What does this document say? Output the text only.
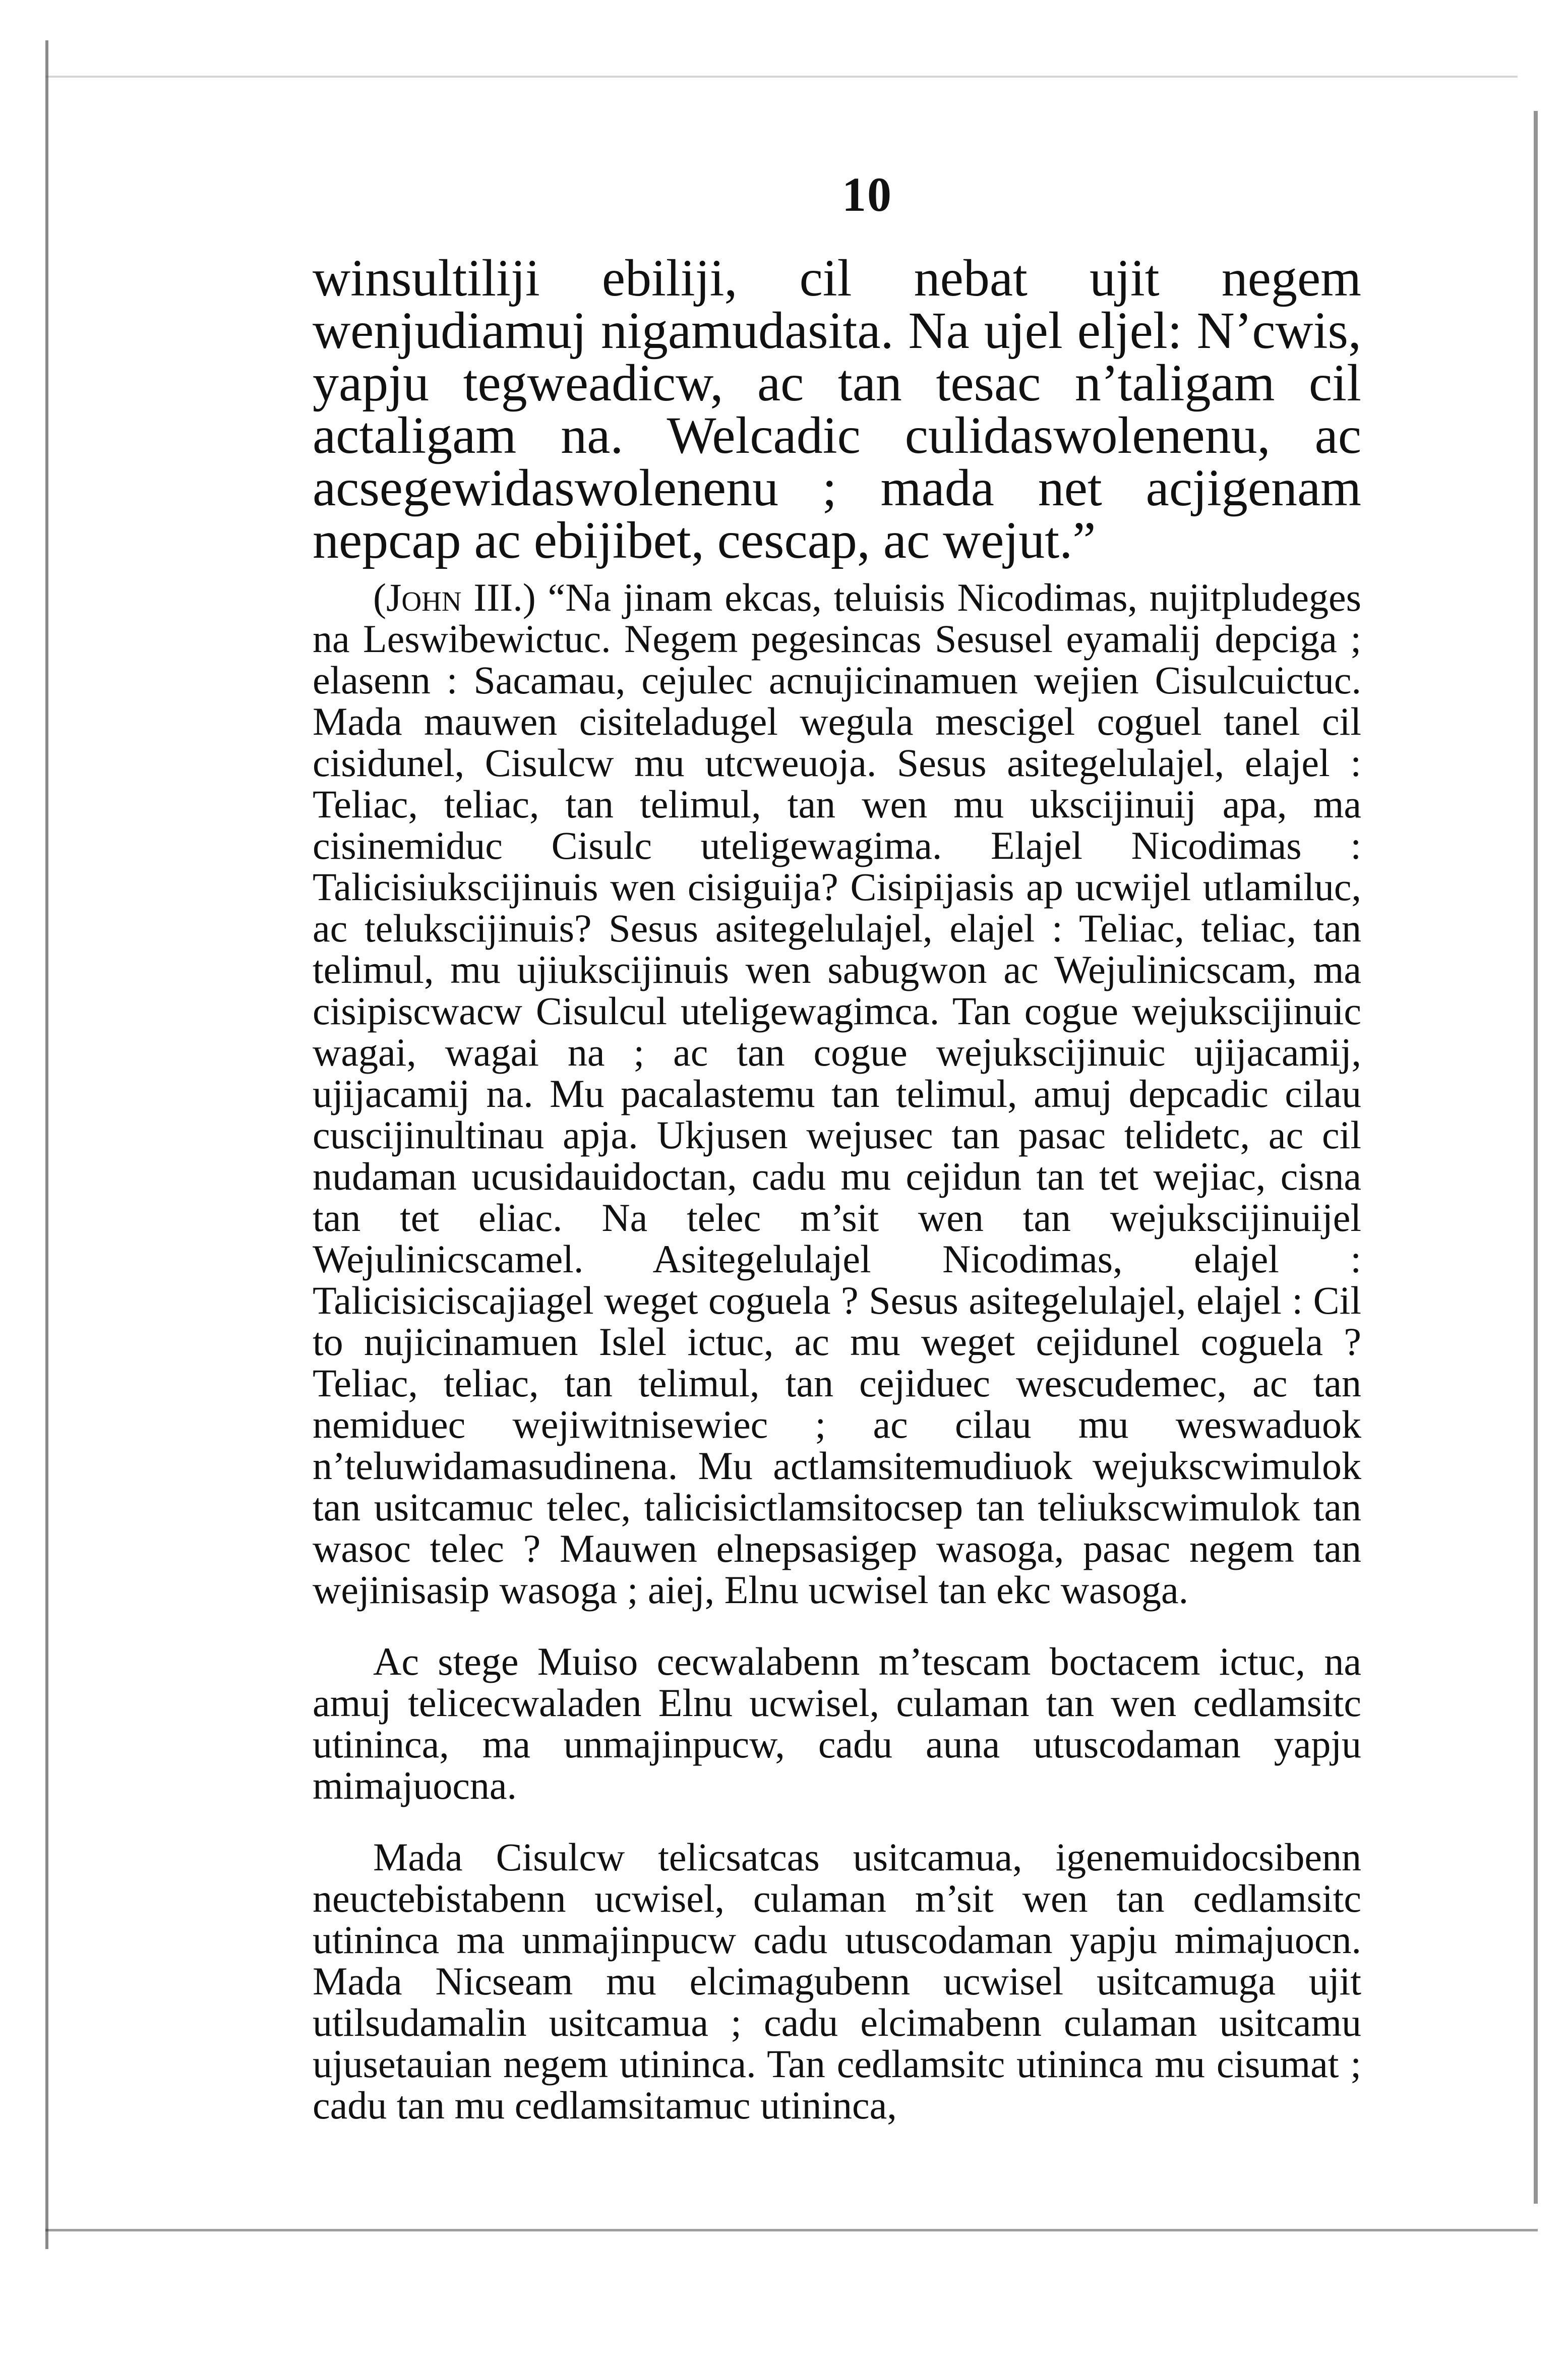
10

winsultiliji ebiliji, cil nebat ujit negem wenjudiamuj nigamudasita. Na ujel eljel: N’cwis, yapju tegweadicw, ac tan tesac n’taligam cil actaligam na. Welcadic culidaswolenenu, ac acsegewidaswolenenu ; mada net acjigenam nepcap ac ebijibet, cescap, ac wejut.”

(John III.) “Na jinam ekcas, teluisis Nicodimas, nujitpludeges na Leswibewictuc. Negem pegesincas Sesusel eyamalij depciga ; elasenn : Sacamau, cejulec acnujicinamuen wejien Cisulcuictuc. Mada mauwen cisiteladugel wegula mescigel coguel tanel cil cisidunel, Cisulcw mu utcweuoja. Sesus asitegelulajel, elajel : Teliac, teliac, tan telimul, tan wen mu ukscijinuij apa, ma cisinemiduc Cisulc uteligewagima. Elajel Nicodimas : Talicisiukscijinuis wen cisiguija? Cisipijasis ap ucwijel utlamiluc, ac telukscijinuis? Sesus asitegelulajel, elajel : Teliac, teliac, tan telimul, mu ujiukscijinuis wen sabugwon ac Wejulinicscam, ma cisipiscwacw Cisulcul uteligewagimca. Tan cogue wejukscijinuic wagai, wagai na ; ac tan cogue wejukscijinuic ujijacamij, ujijacamij na. Mu pacalastemu tan telimul, amuj depcadic cilau cuscijinultinau apja. Ukjusen wejusec tan pasac telidetc, ac cil nudaman ucusidauidoctan, cadu mu cejidun tan tet wejiac, cisna tan tet eliac. Na telec m’sit wen tan wejukscijinuijel Wejulinicscamel. Asitegelulajel Nicodimas, elajel : Talicisiciscajiagel weget coguela ? Sesus asitegelulajel, elajel : Cil to nujicinamuen Islel ictuc, ac mu weget cejidunel coguela ? Teliac, teliac, tan telimul, tan cejiduec wescudemec, ac tan nemiduec wejiwitnisewiec ; ac cilau mu weswaduok n’teluwidamasudinena. Mu actlamsitemudiuok wejukscwimulok tan usitcamuc telec, talicisictlamsitocsep tan teliukscwimulok tan wasoc telec ? Mauwen elnepsasigep wasoga, pasac negem tan wejinisasip wasoga ; aiej, Elnu ucwisel tan ekc wasoga.

Ac stege Muiso cecwalabenn m’tescam boctacem ictuc, na amuj telicecwaladen Elnu ucwisel, culaman tan wen cedlamsitc utininca, ma unmajinpucw, cadu auna utuscodaman yapju mimajuocna.

Mada Cisulcw telicsatcas usitcamua, igenemuidocsibenn neuctebistabenn ucwisel, culaman m’sit wen tan cedlamsitc utininca ma unmajinpucw cadu utuscodaman yapju mimajuocn. Mada Nicseam mu elcimagubenn ucwisel usitcamuga ujit utilsudamalin usitcamua ; cadu elcimabenn culaman usitcamu ujusetauian negem utininca. Tan cedlamsitc utininca mu cisumat ; cadu tan mu cedlamsitamuc utininca,
